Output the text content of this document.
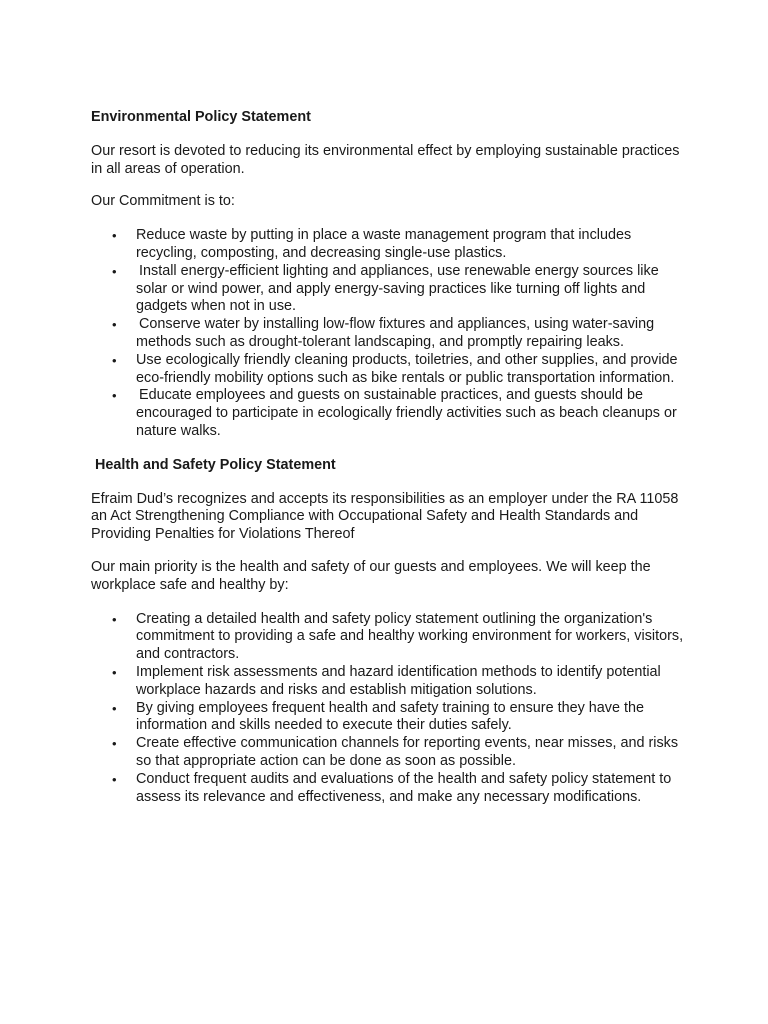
Environmental Policy Statement

Our resort is devoted to reducing its environmental effect by employing sustainable practices in all areas of operation.

Our Commitment is to:

• Reduce waste by putting in place a waste management program that includes recycling, composting, and decreasing single-use plastics.
• Install energy-efficient lighting and appliances, use renewable energy sources like solar or wind power, and apply energy-saving practices like turning off lights and gadgets when not in use.
• Conserve water by installing low-flow fixtures and appliances, using water-saving methods such as drought-tolerant landscaping, and promptly repairing leaks.
• Use ecologically friendly cleaning products, toiletries, and other supplies, and provide eco-friendly mobility options such as bike rentals or public transportation information.
• Educate employees and guests on sustainable practices, and guests should be encouraged to participate in ecologically friendly activities such as beach cleanups or nature walks.

Health and Safety Policy Statement

Efraim Dud’s recognizes and accepts its responsibilities as an employer under the RA 11058 an Act Strengthening Compliance with Occupational Safety and Health Standards and Providing Penalties for Violations Thereof

Our main priority is the health and safety of our guests and employees. We will keep the workplace safe and healthy by:

• Creating a detailed health and safety policy statement outlining the organization's commitment to providing a safe and healthy working environment for workers, visitors, and contractors.
• Implement risk assessments and hazard identification methods to identify potential workplace hazards and risks and establish mitigation solutions.
• By giving employees frequent health and safety training to ensure they have the information and skills needed to execute their duties safely.
• Create effective communication channels for reporting events, near misses, and risks so that appropriate action can be done as soon as possible.
• Conduct frequent audits and evaluations of the health and safety policy statement to assess its relevance and effectiveness, and make any necessary modifications.
